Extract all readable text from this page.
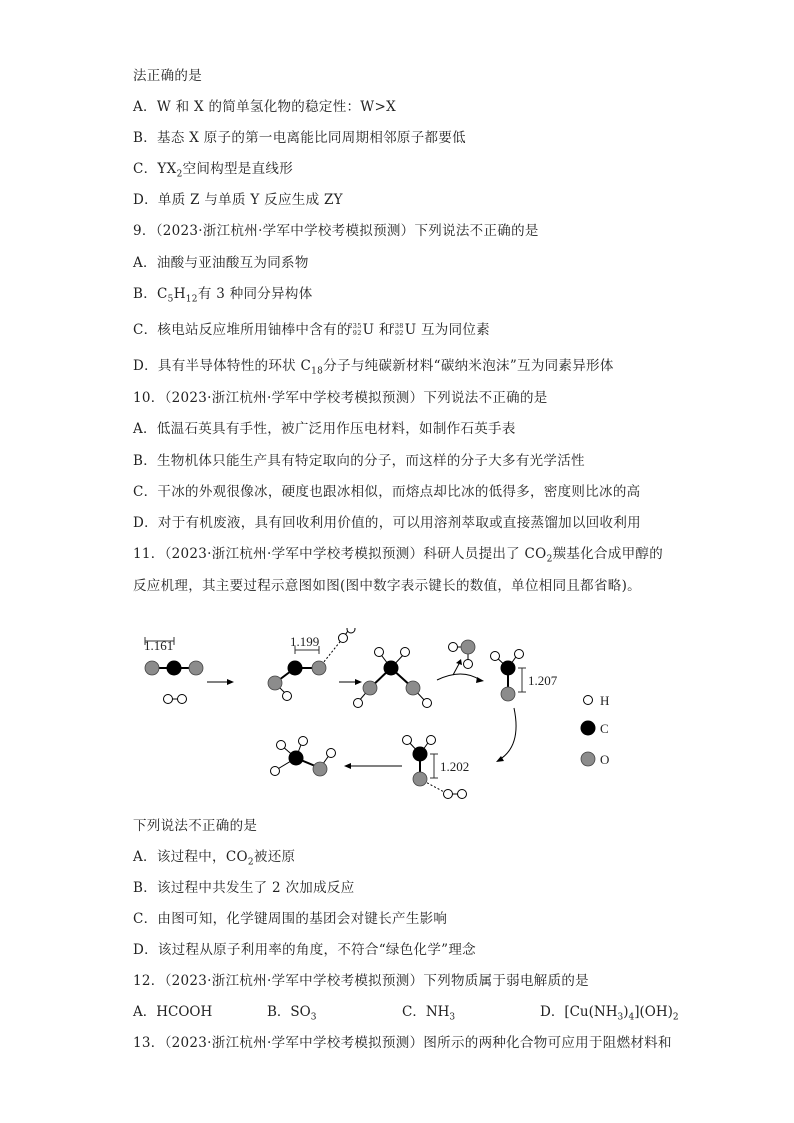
法正确的是
A．W 和 X 的简单氢化物的稳定性：W>X
B．基态 X 原子的第一电离能比同周期相邻原子都要低
C．$YX_2$空间构型是直线形
D．单质 Z 与单质 Y 反应生成 ZY
9．（2023·浙江杭州·学军中学校考模拟预测）下列说法不正确的是
A．油酸与亚油酸互为同系物
B．$C_5H_{12}$有 3 种同分异构体
C．核电站反应堆所用铀棒中含有的
235
92 U 和
238
92 U 互为同位素
D．具有半导体特性的环状 $C_{18}$分子与纯碳新材料“碳纳米泡沫”互为同素异形体
10．（2023·浙江杭州·学军中学校考模拟预测）下列说法不正确的是
A．低温石英具有手性，被广泛用作压电材料，如制作石英手表
B．生物机体只能生产具有特定取向的分子，而这样的分子大多有光学活性
C．干冰的外观很像冰，硬度也跟冰相似，而熔点却比冰的低得多，密度则比冰的高
D．对于有机废液，具有回收利用价值的，可以用溶剂萃取或直接蒸馏加以回收利用
11．（2023·浙江杭州·学军中学校考模拟预测）科研人员提出了 $CO_2$羰基化合成甲醇的
反应机理，其主要过程示意图如图(图中数字表示键长的数值，单位相同且都省略)。
1.161	1.199
1.207
H
C
O
1.202
下列说法不正确的是
A．该过程中，$CO_2$被还原
B．该过程中共发生了 2 次加成反应
C．由图可知，化学键周围的基团会对键长产生影响
D．该过程从原子利用率的角度，不符合“绿色化学”理念
12．（2023·浙江杭州·学军中学校考模拟预测）下列物质属于弱电解质的是
A．HCOOH	B．$SO_3$	C．$NH_3$	D．$[Cu(NH_3)_4](OH)_2$
13．（2023·浙江杭州·学军中学校考模拟预测）图所示的两种化合物可应用于阻燃材料和
